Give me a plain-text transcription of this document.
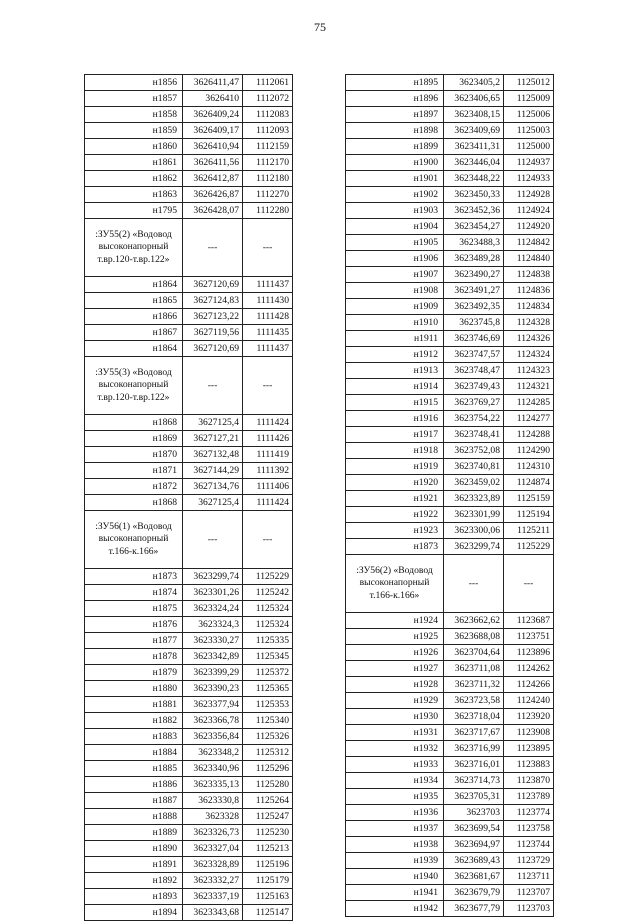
75
н1856	3626411,47	1112061
н1857	3626410	1112072
н1858	3626409,24	1112083
н1859	3626409,17	1112093
н1860	3626410,94	1112159
н1861	3626411,56	1112170
н1862	3626412,87	1112180
н1863	3626426,87	1112270
н1795	3626428,07	1112280
:ЗУ55(2) «Водовод высоконапорный т.вр.120-т.вр.122»	---	---
н1864	3627120,69	1111437
н1865	3627124,83	1111430
н1866	3627123,22	1111428
н1867	3627119,56	1111435
н1864	3627120,69	1111437
:ЗУ55(3) «Водовод высоконапорный т.вр.120-т.вр.122»	---	---
н1868	3627125,4	1111424
н1869	3627127,21	1111426
н1870	3627132,48	1111419
н1871	3627144,29	1111392
н1872	3627134,76	1111406
н1868	3627125,4	1111424
:ЗУ56(1) «Водовод высоконапорный т.166-к.166»	---	---
н1873	3623299,74	1125229
н1874	3623301,26	1125242
н1875	3623324,24	1125324
н1876	3623324,3	1125324
н1877	3623330,27	1125335
н1878	3623342,89	1125345
н1879	3623399,29	1125372
н1880	3623390,23	1125365
н1881	3623377,94	1125353
н1882	3623366,78	1125340
н1883	3623356,84	1125326
н1884	3623348,2	1125312
н1885	3623340,96	1125296
н1886	3623335,13	1125280
н1887	3623330,8	1125264
н1888	3623328	1125247
н1889	3623326,73	1125230
н1890	3623327,04	1125213
н1891	3623328,89	1125196
н1892	3623332,27	1125179
н1893	3623337,19	1125163
н1894	3623343,68	1125147
н1895	3623405,2	1125012
н1896	3623406,65	1125009
н1897	3623408,15	1125006
н1898	3623409,69	1125003
н1899	3623411,31	1125000
н1900	3623446,04	1124937
н1901	3623448,22	1124933
н1902	3623450,33	1124928
н1903	3623452,36	1124924
н1904	3623454,27	1124920
н1905	3623488,3	1124842
н1906	3623489,28	1124840
н1907	3623490,27	1124838
н1908	3623491,27	1124836
н1909	3623492,35	1124834
н1910	3623745,8	1124328
н1911	3623746,69	1124326
н1912	3623747,57	1124324
н1913	3623748,47	1124323
н1914	3623749,43	1124321
н1915	3623769,27	1124285
н1916	3623754,22	1124277
н1917	3623748,41	1124288
н1918	3623752,08	1124290
н1919	3623740,81	1124310
н1920	3623459,02	1124874
н1921	3623323,89	1125159
н1922	3623301,99	1125194
н1923	3623300,06	1125211
н1873	3623299,74	1125229
:ЗУ56(2) «Водовод высоконапорный т.166-к.166»	---	---
н1924	3623662,62	1123687
н1925	3623688,08	1123751
н1926	3623704,64	1123896
н1927	3623711,08	1124262
н1928	3623711,32	1124266
н1929	3623723,58	1124240
н1930	3623718,04	1123920
н1931	3623717,67	1123908
н1932	3623716,99	1123895
н1933	3623716,01	1123883
н1934	3623714,73	1123870
н1935	3623705,31	1123789
н1936	3623703	1123774
н1937	3623699,54	1123758
н1938	3623694,97	1123744
н1939	3623689,43	1123729
н1940	3623681,67	1123711
н1941	3623679,79	1123707
н1942	3623677,79	1123703
